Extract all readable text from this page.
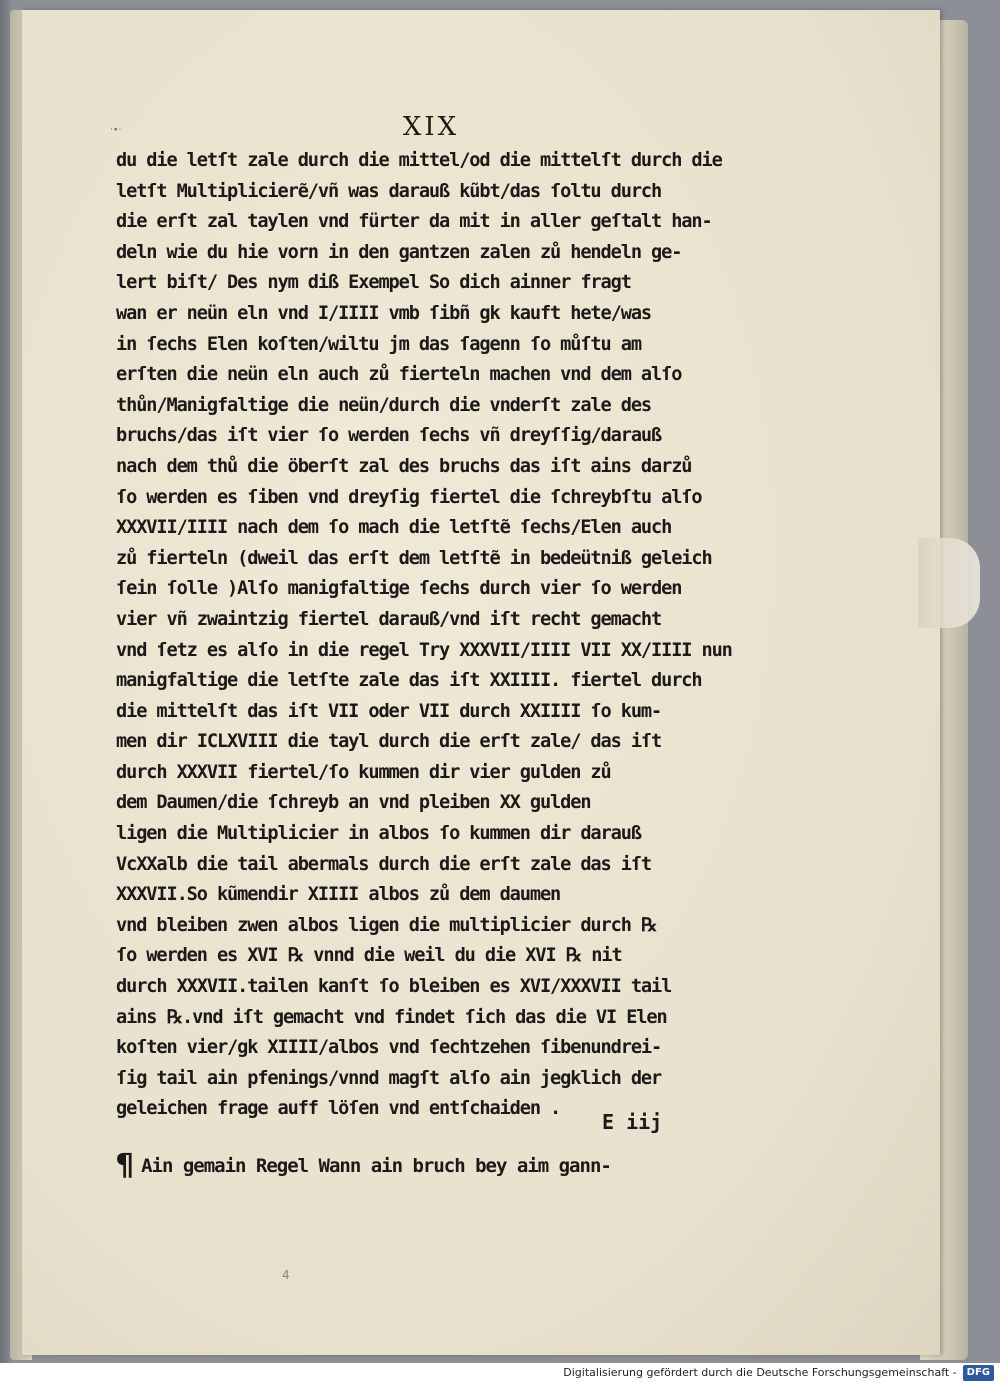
·∙·	XIX
du die letſt zale durch die mittel/od die mittelſt durch die
letſt Multiplicierẽ/vñ was darauß kũbt/das ſoltu durch
die erſt zal taylen vnd fürter da mit in aller geſtalt han-
deln wie du hie vorn in den gantzen zalen zů hendeln ge-
lert biſt/ Des nym diß Exempel So dich ainner fragt
wan er neün eln vnd I/IIII vmb ſibñ gk kauft hete/was
in ſechs Elen koſten/wiltu jm das ſagenn ſo můſtu am
erſten die neün eln auch zů fierteln machen vnd dem alſo
thůn/Manigfaltige die neün/durch die vnderſt zale des
bruchs/das iſt vier ſo werden ſechs vñ dreyſſig/darauß
nach dem thů die öberſt zal des bruchs das iſt ains darzů
ſo werden es ſiben vnd dreyſig fiertel die ſchreybſtu alſo
XXXVII/IIII nach dem ſo mach die letſtẽ ſechs/Elen auch
zů fierteln (dweil das erſt dem letſtẽ in bedeütniß geleich
ſein ſolle )Alſo manigfaltige ſechs durch vier ſo werden
vier vñ zwaintzig fiertel darauß/vnd iſt recht gemacht
vnd ſetz es alſo in die regel Try XXXVII/IIII VII XX/IIII nun
manigfaltige die letſte zale das iſt XXIIII. fiertel durch
die mittelſt das iſt VII oder VII durch XXIIII ſo kum-
men dir ICLXVIII die tayl durch die erſt zale/ das iſt
durch XXXVII fiertel/ſo kummen dir vier gulden zů
dem Daumen/die ſchreyb an vnd pleiben XX gulden
ligen die Multiplicier in albos ſo kummen dir darauß
VcXXalb die tail abermals durch die erſt zale das iſt
XXXVII.So kũmendir XIIII albos zů dem daumen
vnd bleiben zwen albos ligen die multiplicier durch ℞
ſo werden es XVI ℞ vnnd die weil du die XVI ℞ nit
durch XXXVII.tailen kanſt ſo bleiben es XVI/XXXVII tail
ains ℞.vnd iſt gemacht vnd findet ſich das die VI Elen
koſten vier/gk XIIII/albos vnd ſechtzehen ſibenundrei-
ſig tail ain pfenings/vnnd magſt alſo ain jegklich der
geleichen frage auff löſen vnd entſchaiden .
¶ Ain gemain Regel Wann ain bruch bey aim gann-
E iij
4
Digitalisierung gefördert durch die Deutsche Forschungsgemeinschaft - DFG
